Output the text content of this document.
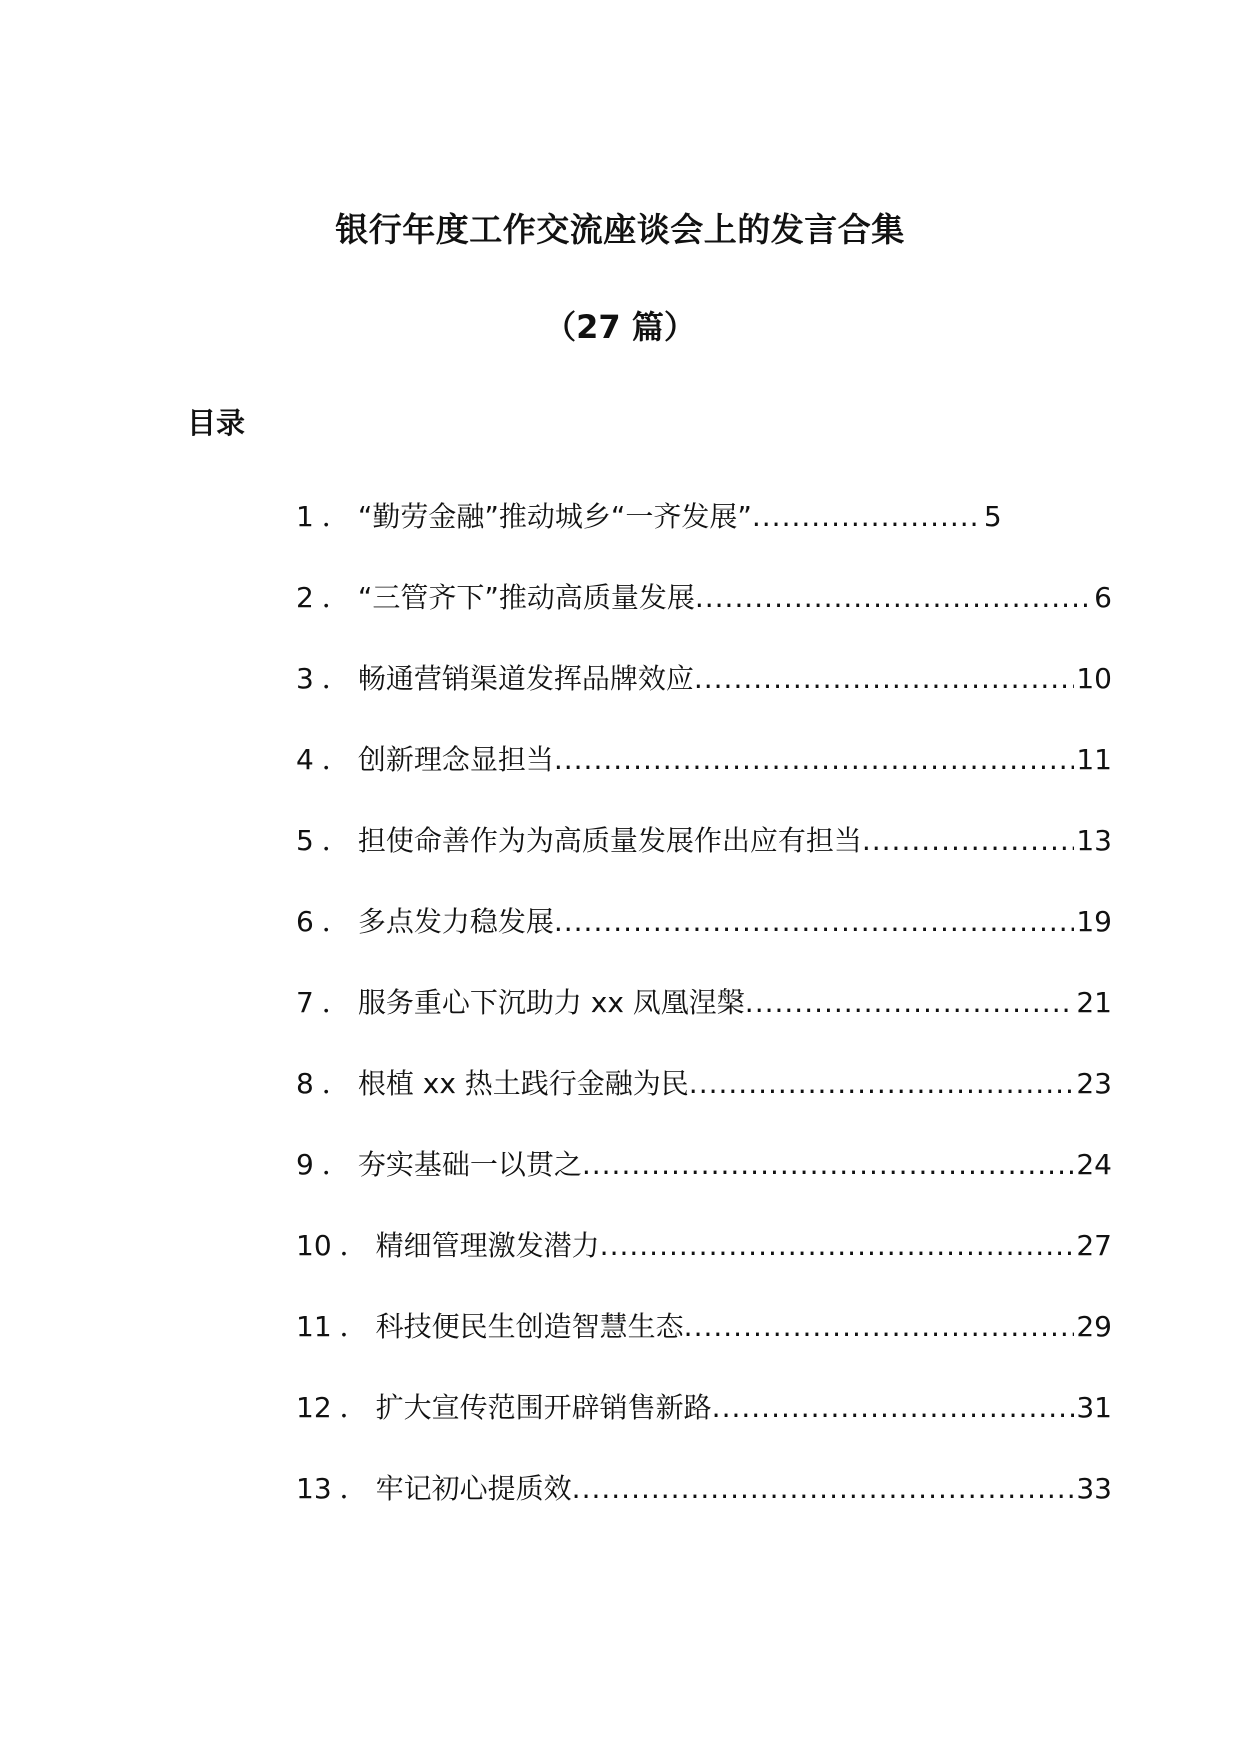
银行年度工作交流座谈会上的发言合集
（27 篇）
目录
1 ． “勤劳金融”推动城乡“一齐发展” .....	5
2 ． “三管齐下”推动高质量发展 .....	6
3 ． 畅通营销渠道发挥品牌效应 .....	10
4 ． 创新理念显担当 .....	11
5 ． 担使命善作为为高质量发展作出应有担当 .....	13
6 ． 多点发力稳发展 .....	19
7 ． 服务重心下沉助力 xx 凤凰涅槃 .....	21
8 ． 根植 xx 热土践行金融为民 .....	23
9 ． 夯实基础一以贯之 .....	24
10 ． 精细管理激发潜力 .....	27
11 ． 科技便民生创造智慧生态 .....	29
12 ． 扩大宣传范围开辟销售新路 .....	31
13 ． 牢记初心提质效 .....	33
